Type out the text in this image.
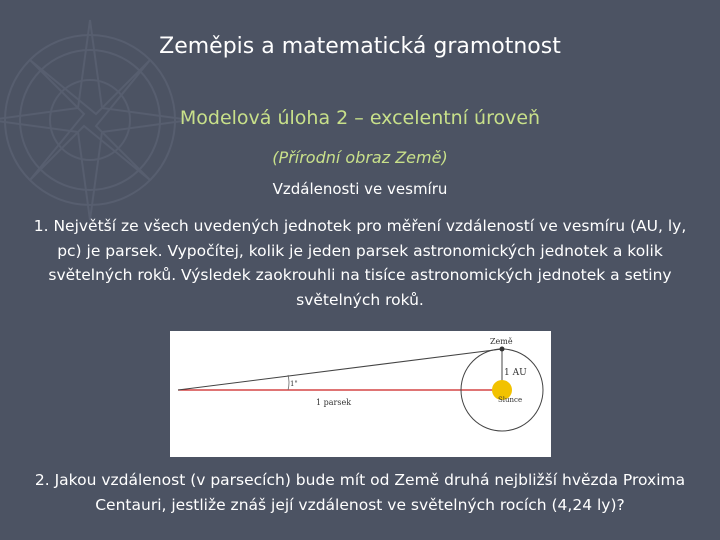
Zeměpis a matematická gramotnost
Modelová úloha 2 – excelentní úroveň
(Přírodní obraz Země)
Vzdálenosti ve vesmíru
1. Největší ze všech uvedených jednotek pro měření vzdáleností ve vesmíru (AU, ly, pc) je parsek. Vypočítej, kolik je jeden parsek astronomických jednotek a kolik světelných roků. Výsledek zaokrouhli na tisíce astronomických jednotek a setiny světelných roků.
Země
1 AU
Slunce
1 parsek
1"
2. Jakou vzdálenost (v parsecích) bude mít od Země druhá nejbližší hvězda Proxima Centauri, jestliže znáš její vzdálenost ve světelných rocích (4,24 ly)?
